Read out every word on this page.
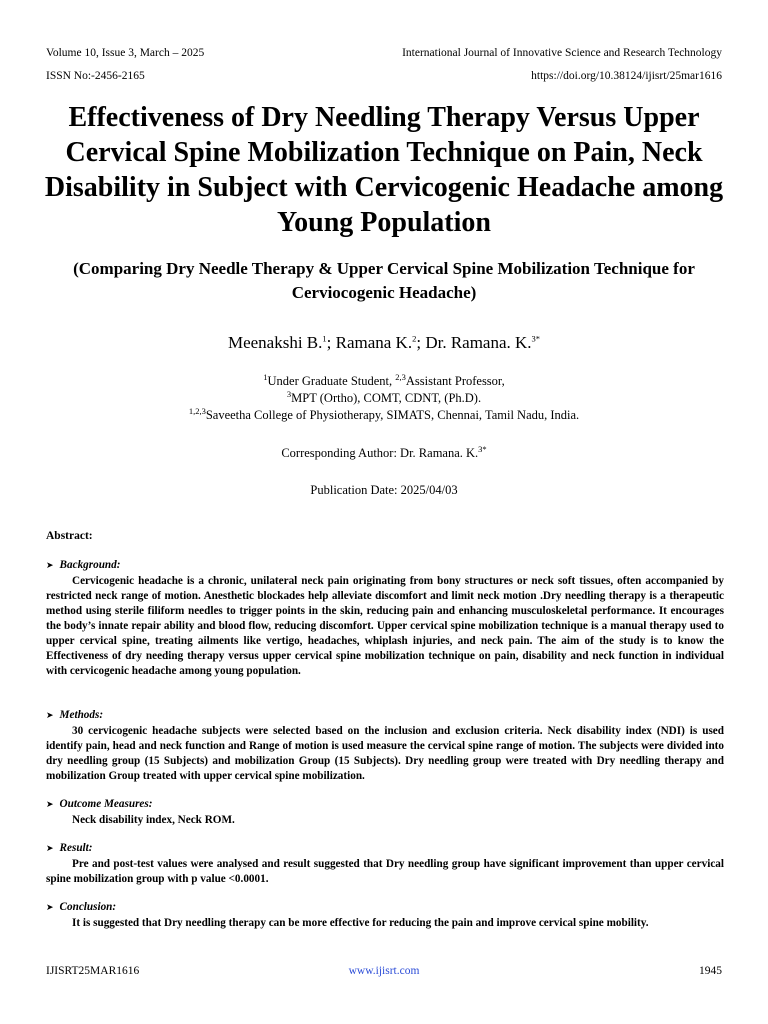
Volume 10, Issue 3, March – 2025
ISSN No:-2456-2165
International Journal of Innovative Science and Research Technology
https://doi.org/10.38124/ijisrt/25mar1616
Effectiveness of Dry Needling Therapy Versus Upper Cervical Spine Mobilization Technique on Pain, Neck Disability in Subject with Cervicogenic Headache among Young Population
(Comparing Dry Needle Therapy & Upper Cervical Spine Mobilization Technique for Cerviocogenic Headache)
Meenakshi B.$^1$; Ramana K.$^2$; Dr. Ramana. K.$^{3*}$
$^1$Under Graduate Student, $^{2,3}$Assistant Professor,
$^3$MPT (Ortho), COMT, CDNT, (Ph.D).
$^{1,2,3}$Saveetha College of Physiotherapy, SIMATS, Chennai, Tamil Nadu, India.
Corresponding Author: Dr. Ramana. K.$^{3*}$
Publication Date: 2025/04/03
Abstract:
➤ Background:

Cervicogenic headache is a chronic, unilateral neck pain originating from bony structures or neck soft tissues, often accompanied by restricted neck range of motion. Anesthetic blockades help alleviate discomfort and limit neck motion .Dry needling therapy is a therapeutic method using sterile filiform needles to trigger points in the skin, reducing pain and enhancing musculoskeletal performance. It encourages the body’s innate repair ability and blood flow, reducing discomfort. Upper cervical spine mobilization technique is a manual therapy used to upper cervical spine, treating ailments like vertigo, headaches, whiplash injuries, and neck pain. The aim of the study is to know the Effectiveness of dry needing therapy versus upper cervical spine mobilization technique on pain, disability and neck function in individual with cervicogenic headache among young population.

➤ Methods:

30 cervicogenic headache subjects were selected based on the inclusion and exclusion criteria. Neck disability index (NDI) is used identify pain, head and neck function and Range of motion is used measure the cervical spine range of motion. The subjects were divided into dry needling group (15 Subjects) and mobilization Group (15 Subjects). Dry needling group were treated with Dry needling therapy and mobilization Group treated with upper cervical spine mobilization.

➤ Outcome Measures:

Neck disability index, Neck ROM.

➤ Result:

Pre and post-test values were analysed and result suggested that Dry needling group have significant improvement than upper cervical spine mobilization group with p value <0.0001.

➤ Conclusion:

It is suggested that Dry needling therapy can be more effective for reducing the pain and improve cervical spine mobility.

IJISRT25MAR1616	www.ijisrt.com	1945
